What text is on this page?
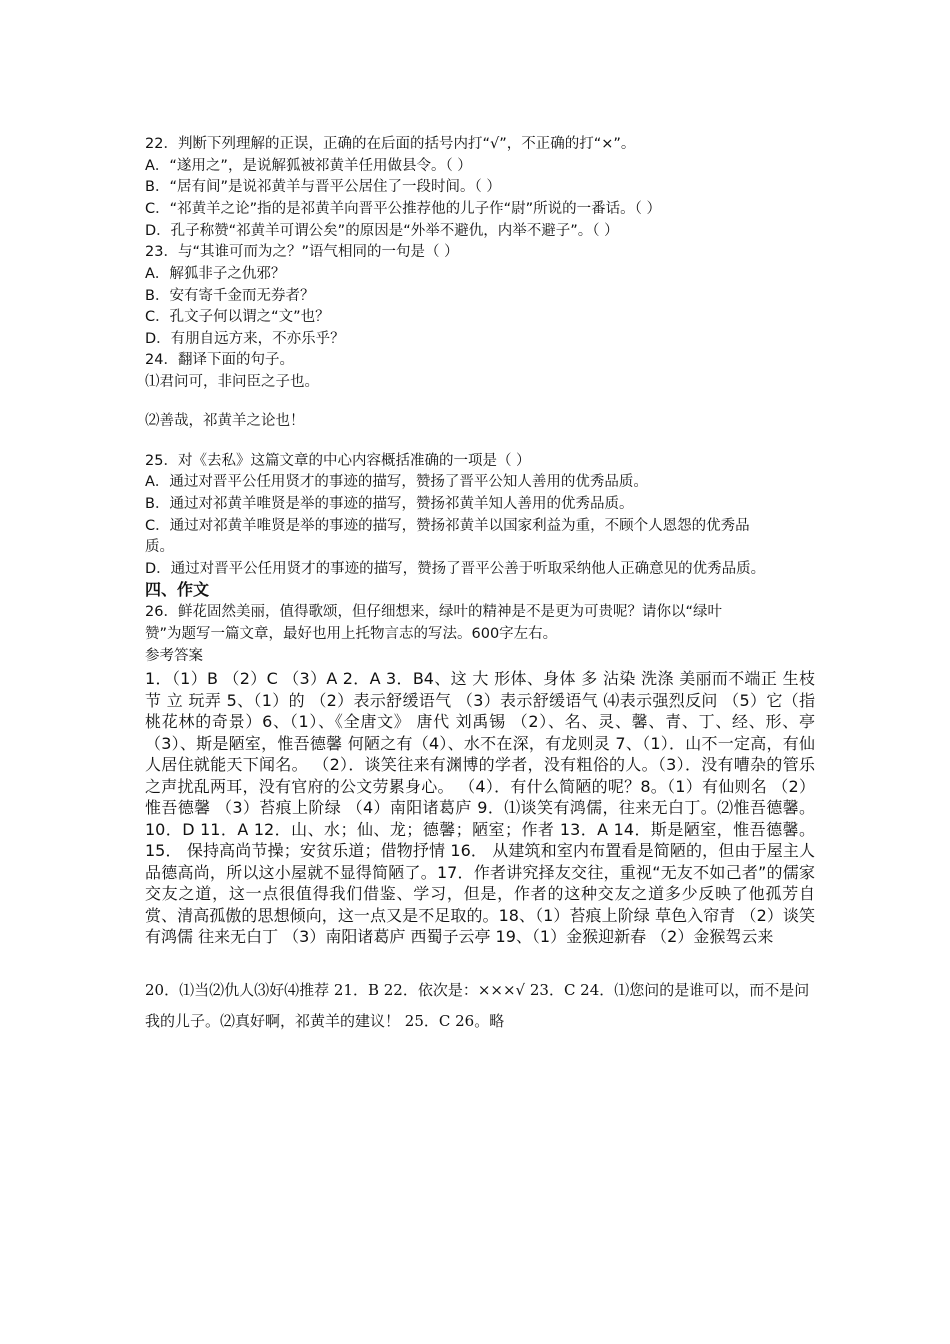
22．判断下列理解的正误，正确的在后面的括号内打“√”，不正确的打“×”。
A．“遂用之”，是说解狐被祁黄羊任用做县令。（ ）
B．“居有间”是说祁黄羊与晋平公居住了一段时间。（ ）
C．“祁黄羊之论”指的是祁黄羊向晋平公推荐他的儿子作“尉”所说的一番话。（ ）
D．孔子称赞“祁黄羊可谓公矣”的原因是“外举不避仇，内举不避子”。（ ）
23．与“其谁可而为之？”语气相同的一句是（ ）
A．解狐非子之仇邪？
B．安有寄千金而无券者？
C．孔文子何以谓之“文”也？
D．有朋自远方来，不亦乐乎？
24．翻译下面的句子。
⑴君问可，非问臣之子也。
⑵善哉，祁黄羊之论也！
25．对《去私》这篇文章的中心内容概括准确的一项是（ ）
A．通过对晋平公任用贤才的事迹的描写，赞扬了晋平公知人善用的优秀品质。
B．通过对祁黄羊唯贤是举的事迹的描写，赞扬祁黄羊知人善用的优秀品质。
C．通过对祁黄羊唯贤是举的事迹的描写，赞扬祁黄羊以国家利益为重，不顾个人恩怨的优秀品
质。
D．通过对晋平公任用贤才的事迹的描写，赞扬了晋平公善于听取采纳他人正确意见的优秀品质。
四、作文
26．鲜花固然美丽，值得歌颂，但仔细想来，绿叶的精神是不是更为可贵呢？请你以“绿叶
赞”为题写一篇文章，最好也用上托物言志的写法。600字左右。
参考答案
1．（1）B （2）C （3）A 2．A 3．B4、这 大 形体、身体 多 沾染 洗涤 美丽而不端正 生枝节 立 玩弄 5、（1）的 （2）表示舒缓语气 （3）表示舒缓语气 ⑷表示强烈反问 （5）它（指桃花林的奇景）6、（1）、《全唐文》 唐代 刘禹锡 （2）、名、灵、馨、青、丁、经、形、亭（3）、斯是陋室，惟吾德馨 何陋之有（4）、水不在深，有龙则灵 7、（1）．山不一定高，有仙人居住就能天下闻名。 （2）．谈笑往来有渊博的学者，没有粗俗的人。（3）．没有嘈杂的管乐之声扰乱两耳，没有官府的公文劳累身心。 （4）．有什么简陋的呢？8。（1）有仙则名 （2）惟吾德馨 （3）苔痕上阶绿 （4）南阳诸葛庐 9．⑴谈笑有鸿儒，往来无白丁。⑵惟吾德馨。 10．D 11．A 12．山、水；仙、龙；德馨；陋室；作者 13．A 14．斯是陋室，惟吾德馨。15． 保持高尚节操；安贫乐道；借物抒情 16． 从建筑和室内布置看是简陋的，但由于屋主人品德高尚，所以这小屋就不显得简陋了。17．作者讲究择友交往，重视“无友不如己者”的儒家交友之道，这一点很值得我们借鉴、学习，但是，作者的这种交友之道多少反映了他孤芳自赏、清高孤傲的思想倾向，这一点又是不足取的。18、（1）苔痕上阶绿 草色入帘青 （2）谈笑有鸿儒 往来无白丁 （3）南阳诸葛庐 西蜀子云亭 19、（1）金猴迎新春 （2）金猴驾云来
20．⑴当⑵仇人⑶好⑷推荐 21．B 22．依次是：×××√ 23．C 24．⑴您问的是谁可以，而不是问我的儿子。⑵真好啊，祁黄羊的建议！ 25．C 26。略
